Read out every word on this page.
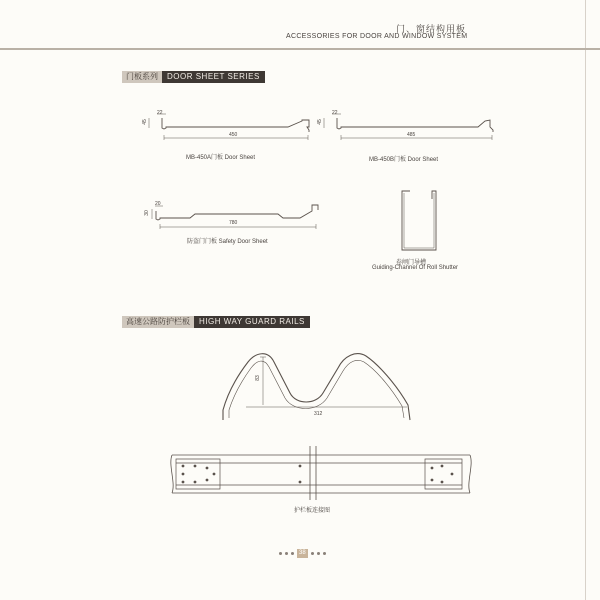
门、窗结构用板
ACCESSORIES FOR DOOR AND WINDOW SYSTEM
门板系列	DOOR SHEET SERIES
22
45
450
MB-450A门板 Door Sheet
22
45
485
MB-450B门板 Door Sheet
20
30
780
防盗门门板 Safety Door Sheet
卷闸门导槽
Guiding-Channel Of Roll Shutter
高速公路防护栏板	HIGH WAY GUARD RAILS
83
312
护栏板连接图
38
